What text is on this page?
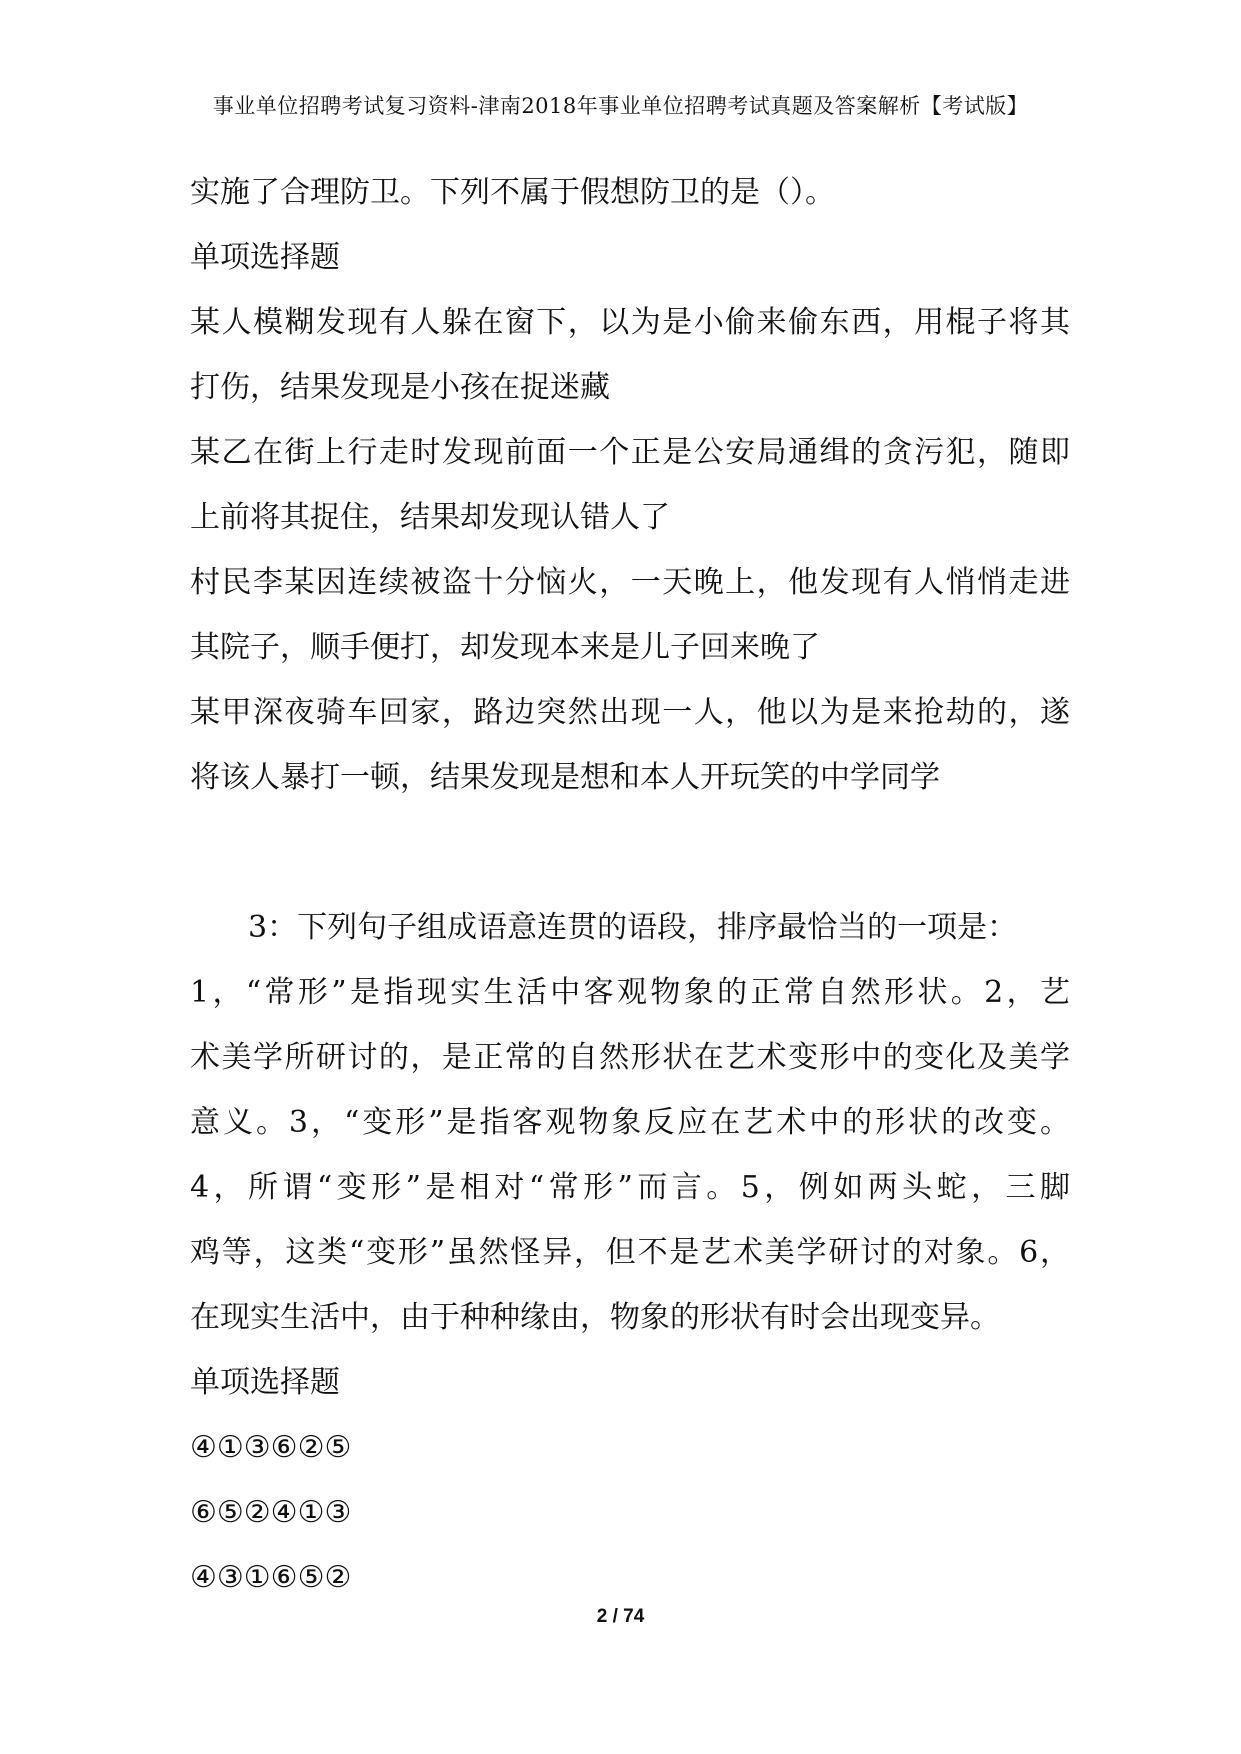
事业单位招聘考试复习资料-津南2018年事业单位招聘考试真题及答案解析【考试版】
实施了合理防卫。下列不属于假想防卫的是（）。
单项选择题
某人模糊发现有人躲在窗下，以为是小偷来偷东西，用棍子将其
打伤，结果发现是小孩在捉迷藏
某乙在街上行走时发现前面一个正是公安局通缉的贪污犯，随即
上前将其捉住，结果却发现认错人了
村民李某因连续被盗十分恼火，一天晚上，他发现有人悄悄走进
其院子，顺手便打，却发现本来是儿子回来晚了
某甲深夜骑车回家，路边突然出现一人，他以为是来抢劫的，遂
将该人暴打一顿，结果发现是想和本人开玩笑的中学同学
3：下列句子组成语意连贯的语段，排序最恰当的一项是：
1，“常形”是指现实生活中客观物象的正常自然形状。2，艺
术美学所研讨的，是正常的自然形状在艺术变形中的变化及美学
意义。3，“变形”是指客观物象反应在艺术中的形状的改变。
4，所谓“变形”是相对“常形”而言。5，例如两头蛇，三脚
鸡等，这类“变形”虽然怪异，但不是艺术美学研讨的对象。6，
在现实生活中，由于种种缘由，物象的形状有时会出现变异。
单项选择题
④①③⑥②⑤
⑥⑤②④①③
④③①⑥⑤②
2 / 74
